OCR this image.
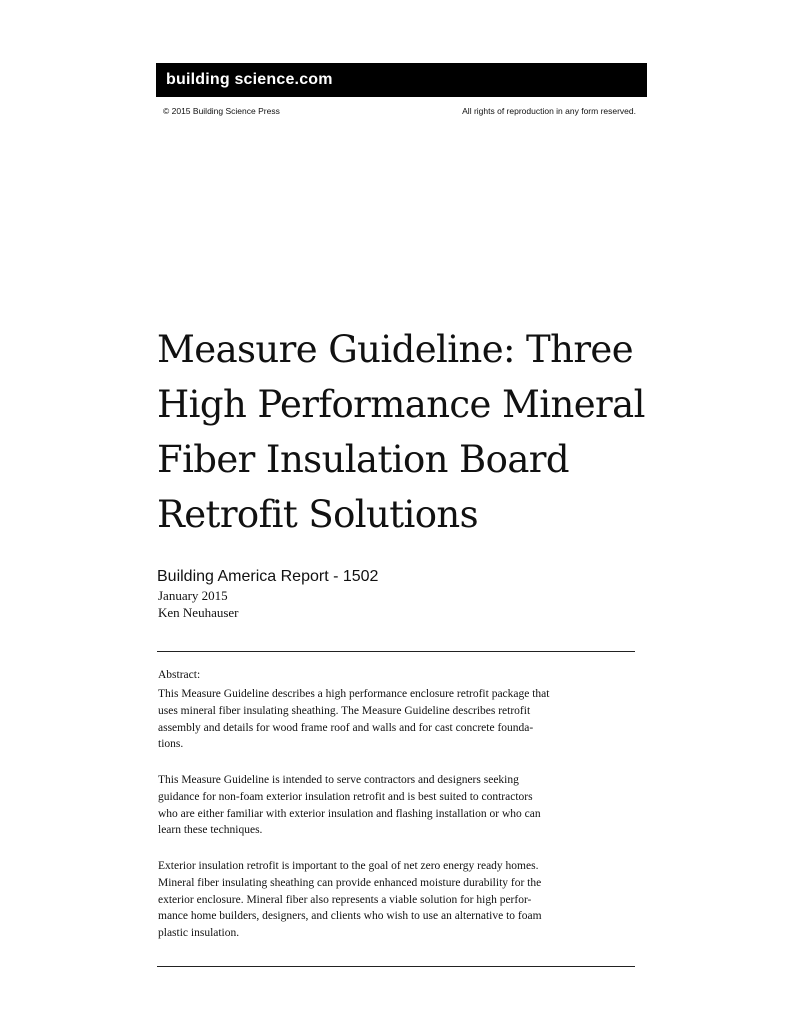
building science.com
© 2015 Building Science Press	All rights of reproduction in any form reserved.
Measure Guideline: Three
High Performance Mineral
Fiber Insulation Board
Retrofit Solutions
Building America Report - 1502
January 2015
Ken Neuhauser
Abstract:
This Measure Guideline describes a high performance enclosure retrofit package that
uses mineral fiber insulating sheathing. The Measure Guideline describes retrofit
assembly and details for wood frame roof and walls and for cast concrete founda-
tions.
This Measure Guideline is intended to serve contractors and designers seeking
guidance for non-foam exterior insulation retrofit and is best suited to contractors
who are either familiar with exterior insulation and flashing installation or who can
learn these techniques.
Exterior insulation retrofit is important to the goal of net zero energy ready homes.
Mineral fiber insulating sheathing can provide enhanced moisture durability for the
exterior enclosure. Mineral fiber also represents a viable solution for high perfor-
mance home builders, designers, and clients who wish to use an alternative to foam
plastic insulation.
